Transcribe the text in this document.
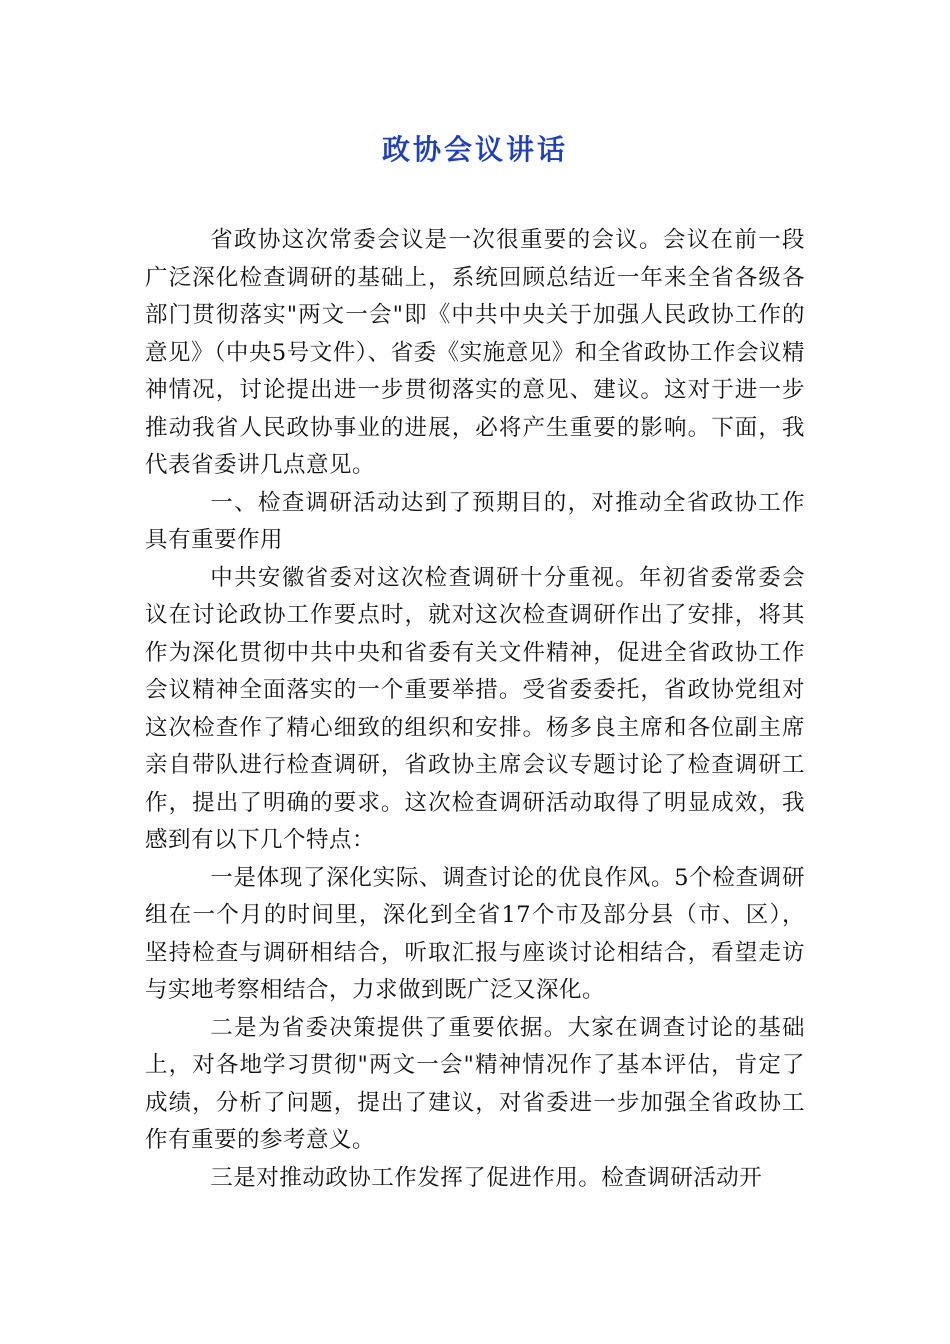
政协会议讲话

省政协这次常委会议是一次很重要的会议。会议在前一段广泛深化检查调研的基础上，系统回顾总结近一年来全省各级各部门贯彻落实"两文一会"即《中共中央关于加强人民政协工作的意见》（中央5号文件）、省委《实施意见》和全省政协工作会议精神情况，讨论提出进一步贯彻落实的意见、建议。这对于进一步推动我省人民政协事业的进展，必将产生重要的影响。下面，我代表省委讲几点意见。

一、检查调研活动达到了预期目的，对推动全省政协工作具有重要作用

中共安徽省委对这次检查调研十分重视。年初省委常委会议在讨论政协工作要点时，就对这次检查调研作出了安排，将其作为深化贯彻中共中央和省委有关文件精神，促进全省政协工作会议精神全面落实的一个重要举措。受省委委托，省政协党组对这次检查作了精心细致的组织和安排。杨多良主席和各位副主席亲自带队进行检查调研，省政协主席会议专题讨论了检查调研工作，提出了明确的要求。这次检查调研活动取得了明显成效，我感到有以下几个特点：

一是体现了深化实际、调查讨论的优良作风。5个检查调研组在一个月的时间里，深化到全省17个市及部分县（市、区），坚持检查与调研相结合，听取汇报与座谈讨论相结合，看望走访与实地考察相结合，力求做到既广泛又深化。

二是为省委决策提供了重要依据。大家在调查讨论的基础上，对各地学习贯彻"两文一会"精神情况作了基本评估，肯定了成绩，分析了问题，提出了建议，对省委进一步加强全省政协工作有重要的参考意义。

三是对推动政协工作发挥了促进作用。检查调研活动开
